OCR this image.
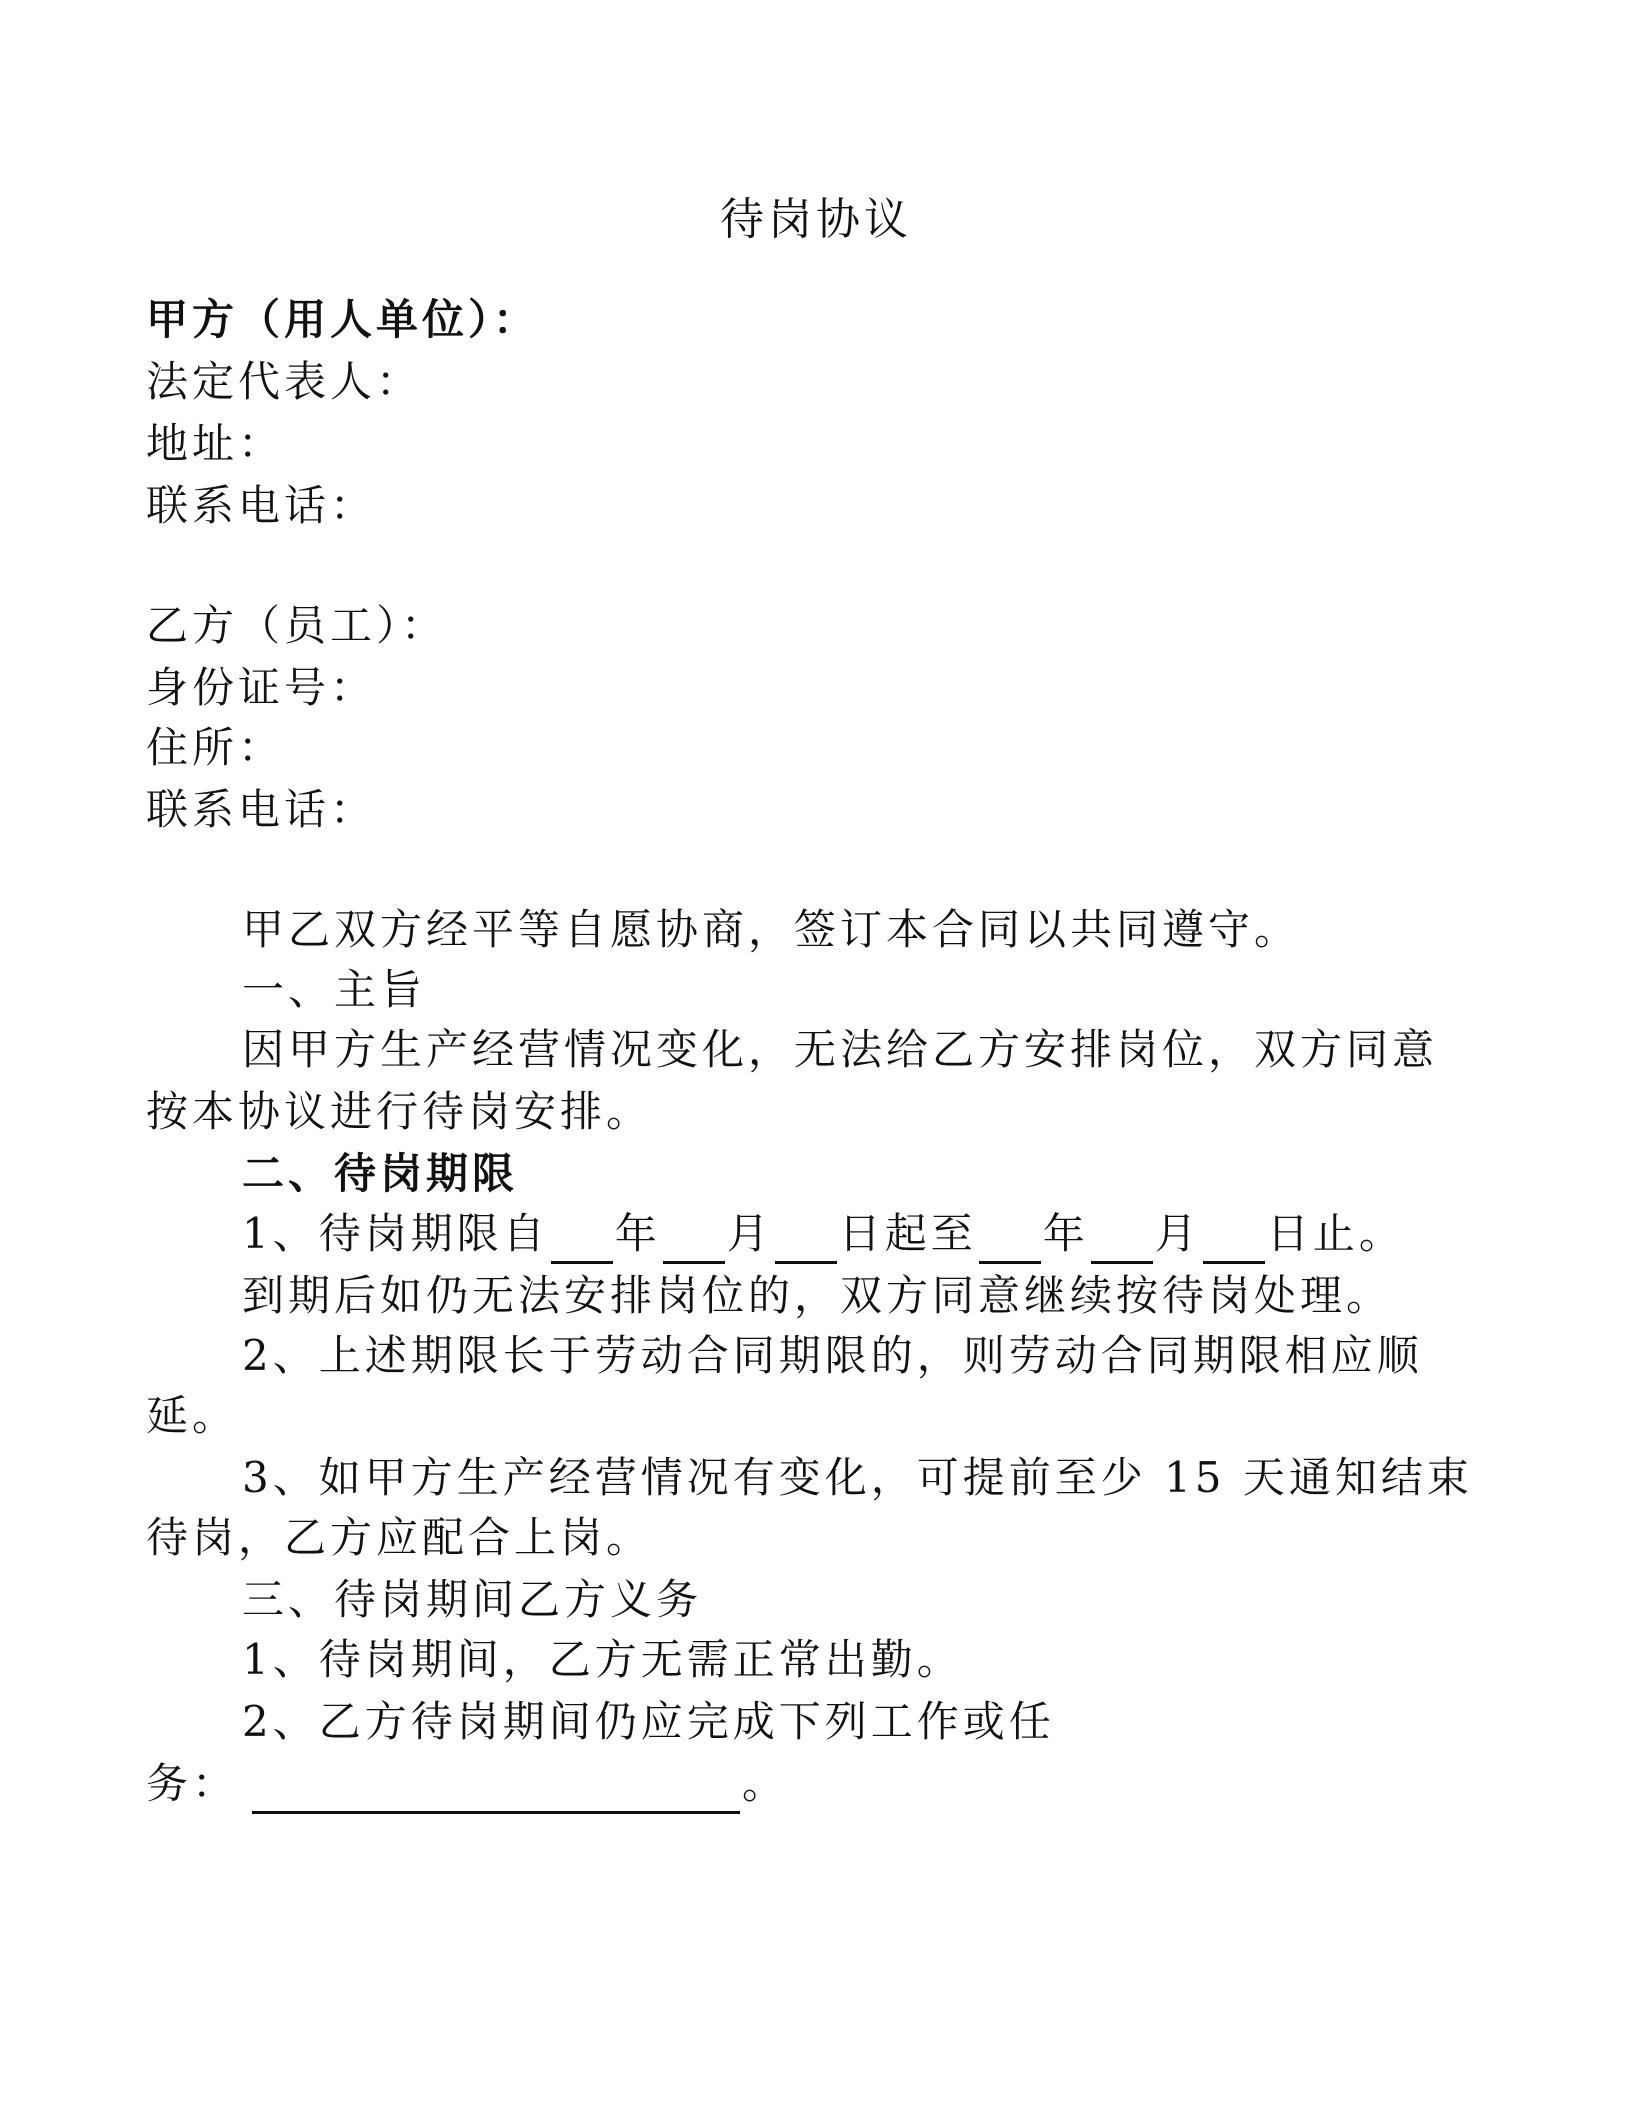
待岗协议
甲方（用人单位）：
法定代表人：
地址：
联系电话：
乙方（员工）：
身份证号：
住所：
联系电话：
甲乙双方经平等自愿协商，签订本合同以共同遵守。
一、主旨
因甲方生产经营情况变化，无法给乙方安排岗位，双方同意
按本协议进行待岗安排。
二、待岗期限
1、待岗期限自 年 月 日起至 年 月 日止。
到期后如仍无法安排岗位的，双方同意继续按待岗处理。
2、上述期限长于劳动合同期限的，则劳动合同期限相应顺
延。
3、如甲方生产经营情况有变化，可提前至少 15 天通知结束
待岗，乙方应配合上岗。
三、待岗期间乙方义务
1、待岗期间，乙方无需正常出勤。
2、乙方待岗期间仍应完成下列工作或任
务：	。
